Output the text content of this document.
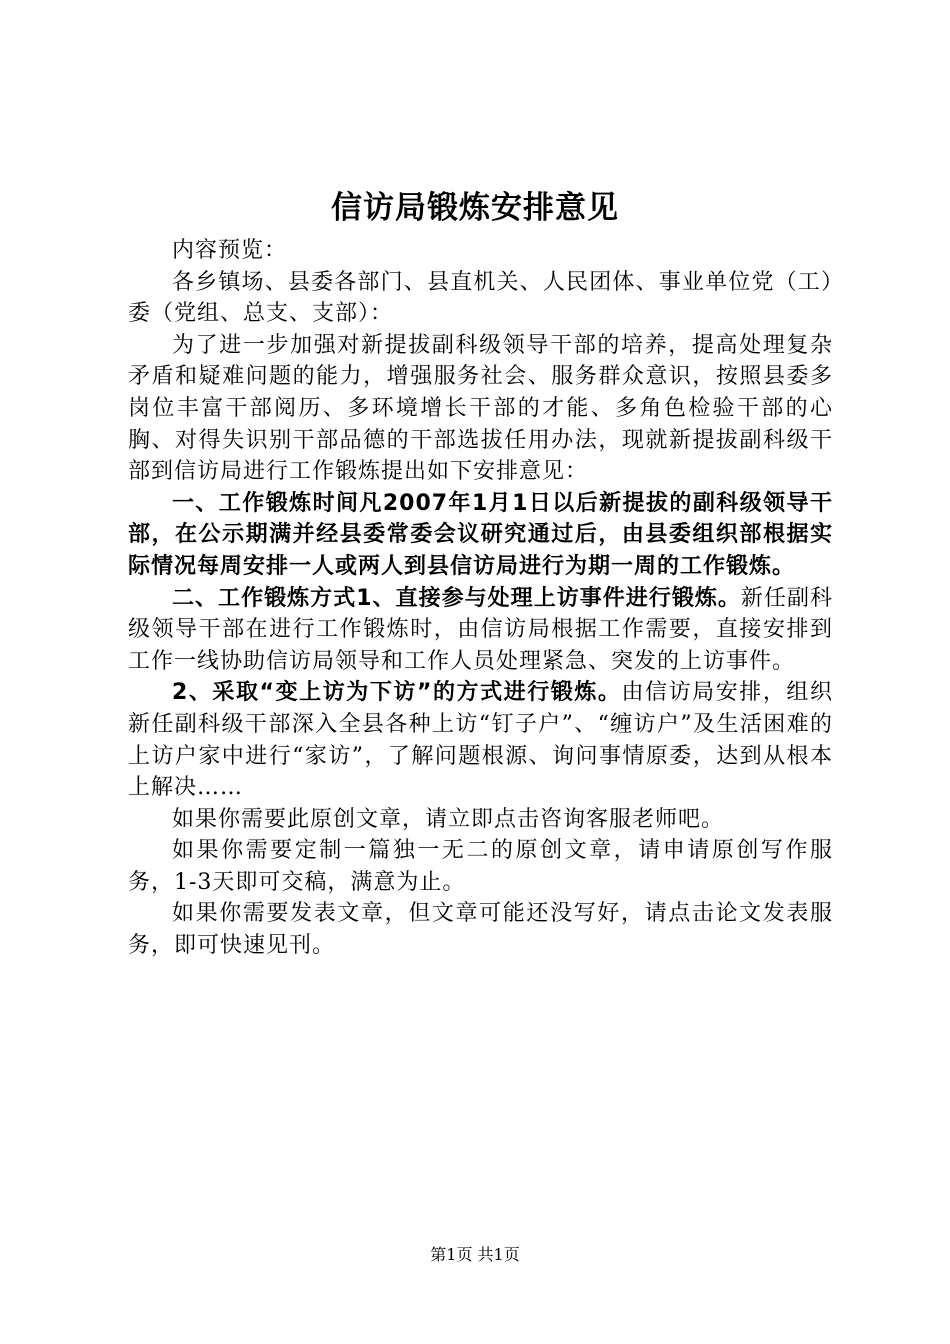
信访局锻炼安排意见

内容预览：

各乡镇场、县委各部门、县直机关、人民团体、事业单位党（工）委（党组、总支、支部）：

为了进一步加强对新提拔副科级领导干部的培养，提高处理复杂矛盾和疑难问题的能力，增强服务社会、服务群众意识，按照县委多岗位丰富干部阅历、多环境增长干部的才能、多角色检验干部的心胸、对得失识别干部品德的干部选拔任用办法，现就新提拔副科级干部到信访局进行工作锻炼提出如下安排意见：

一、工作锻炼时间凡2007年1月1日以后新提拔的副科级领导干部，在公示期满并经县委常委会议研究通过后，由县委组织部根据实际情况每周安排一人或两人到县信访局进行为期一周的工作锻炼。

二、工作锻炼方式1、直接参与处理上访事件进行锻炼。新任副科级领导干部在进行工作锻炼时，由信访局根据工作需要，直接安排到工作一线协助信访局领导和工作人员处理紧急、突发的上访事件。

2、采取“变上访为下访”的方式进行锻炼。由信访局安排，组织新任副科级干部深入全县各种上访“钉子户”、“缠访户”及生活困难的上访户家中进行“家访”，了解问题根源、询问事情原委，达到从根本上解决……

如果你需要此原创文章，请立即点击咨询客服老师吧。

如果你需要定制一篇独一无二的原创文章，请申请原创写作服务，1-3天即可交稿，满意为止。

如果你需要发表文章，但文章可能还没写好，请点击论文发表服务，即可快速见刊。

第1页 共1页
